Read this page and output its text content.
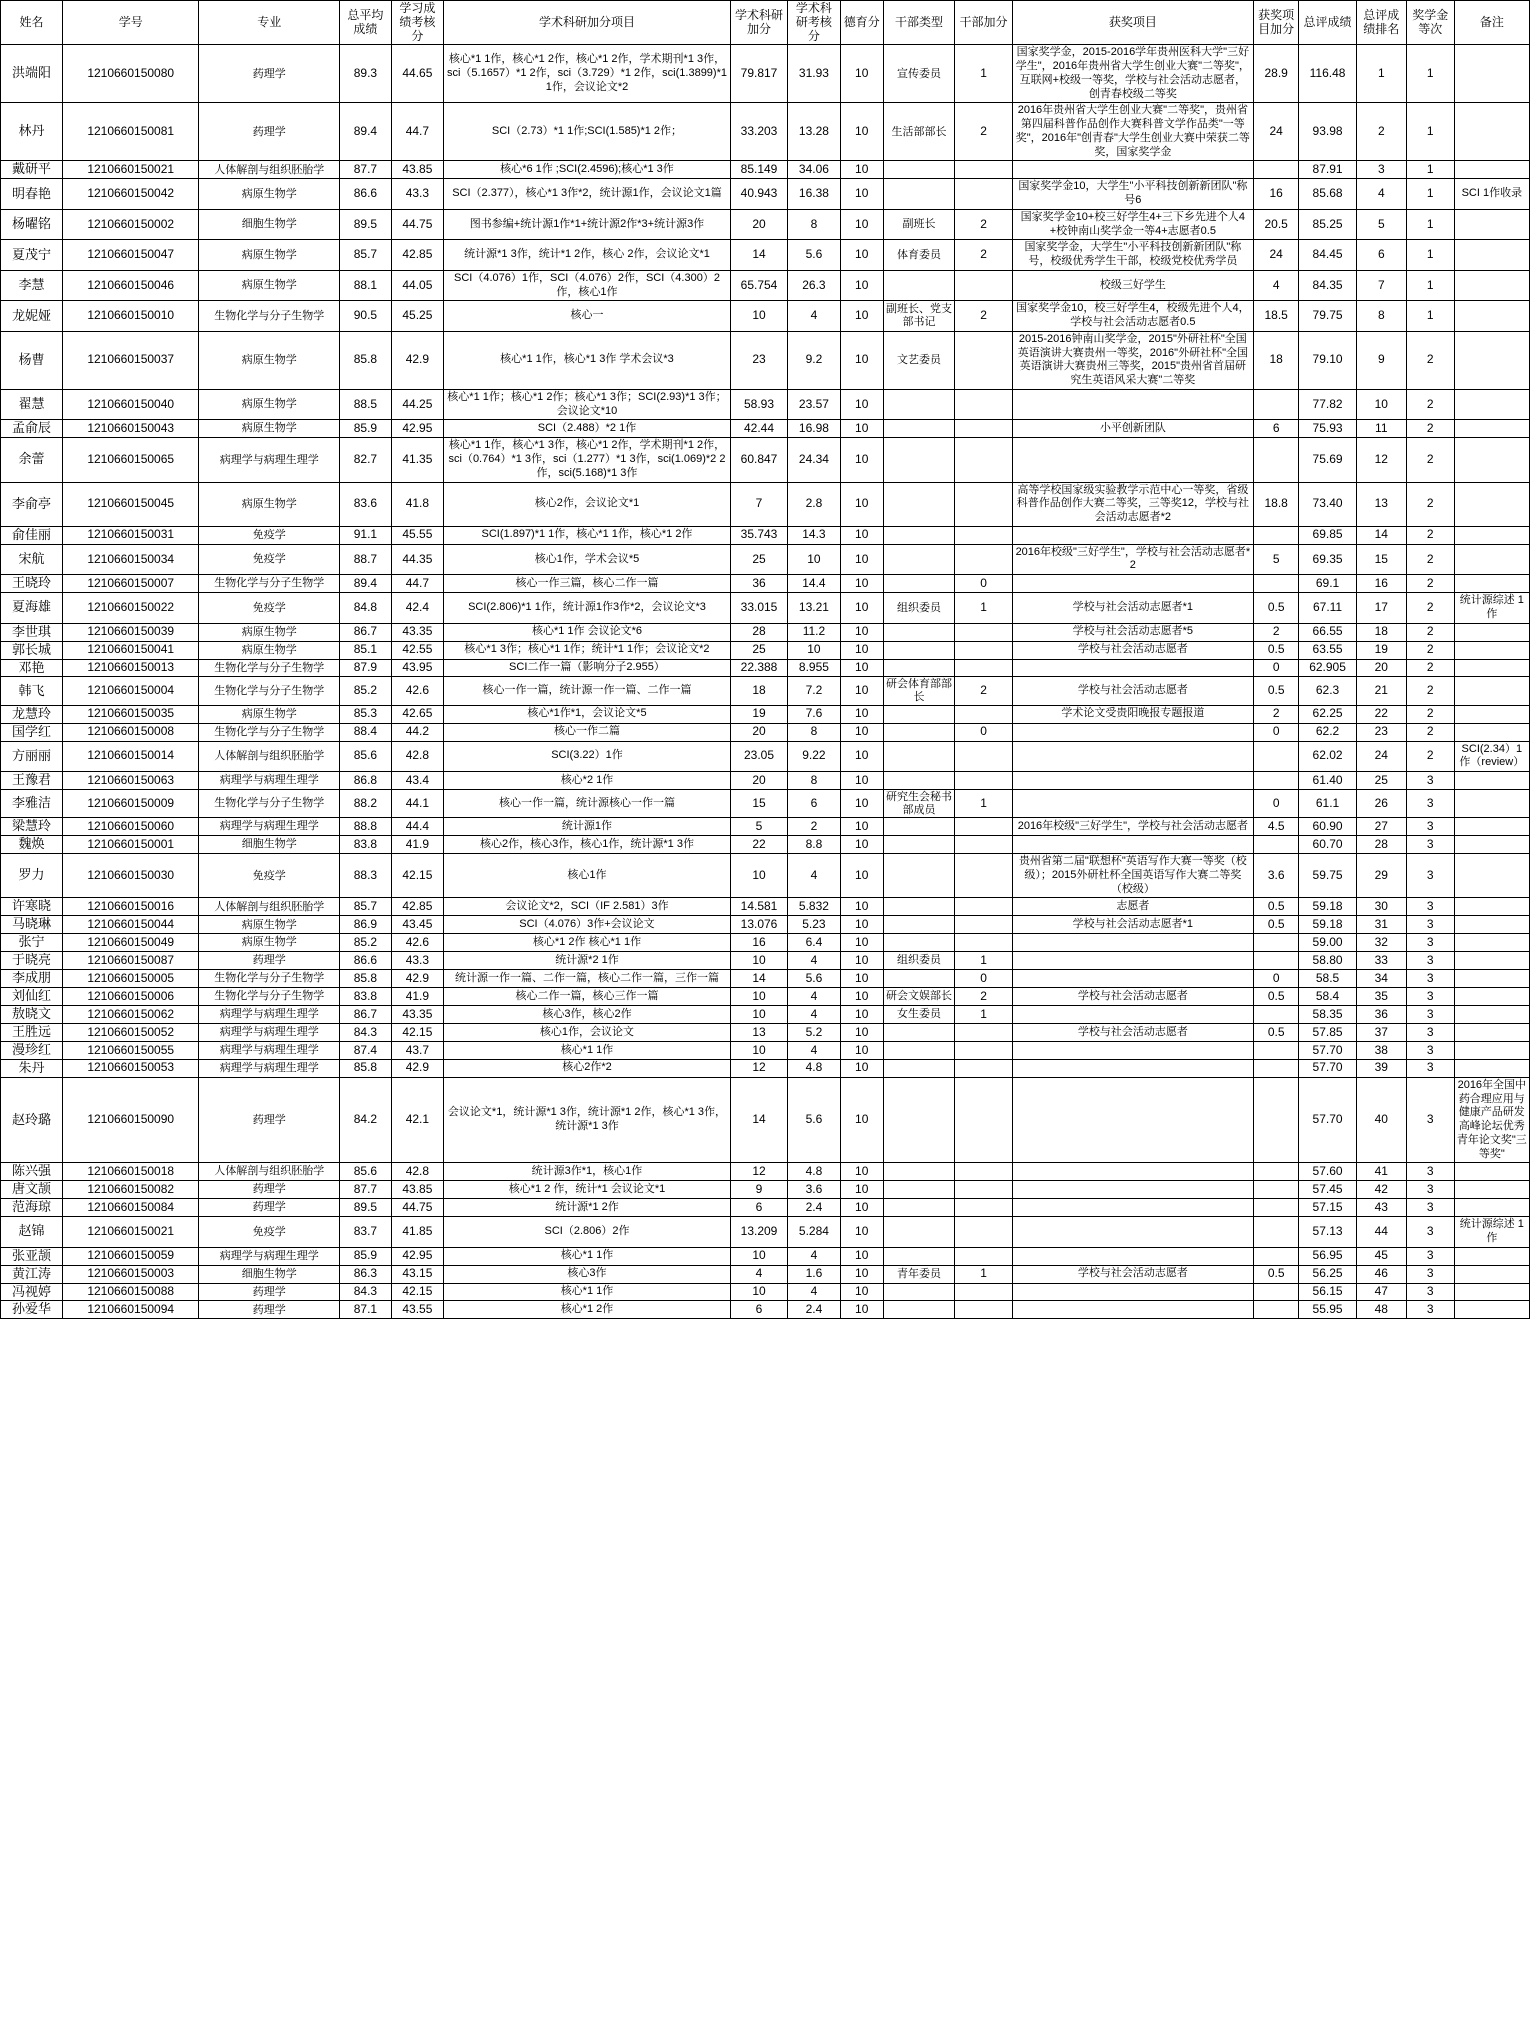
姓名	学号	专业	总平均成绩	学习成绩考核分	学术科研加分项目	学术科研加分	学术科研考核分	德育分	干部类型	干部加分	获奖项目	获奖项目加分	总评成绩	总评成绩排名	奖学金等次	备注
洪端阳	1210660150080	药理学	89.3	44.65	核心*1 1作，核心*1 2作，核心*1 2作，学术期刊*1 3作，sci（5.1657）*1 2作，sci（3.729）*1 2作，sci(1.3899)*1 1作，会议论文*2	79.817	31.93	10	宣传委员	1	国家奖学金，2015-2016学年贵州医科大学"三好学生"，2016年贵州省大学生创业大赛"二等奖"，互联网+校级一等奖，学校与社会活动志愿者，创青春校级二等奖	28.9	116.48	1	1	
林丹	1210660150081	药理学	89.4	44.7	SCI（2.73）*1 1作;SCI(1.585)*1 2作；	33.203	13.28	10	生活部部长	2	2016年贵州省大学生创业大赛"二等奖"，贵州省第四届科普作品创作大赛科普文学作品类"一等奖"，2016年"创青春"大学生创业大赛中荣获二等奖，国家奖学金	24	93.98	2	1	
戴研平	1210660150021	人体解剖与组织胚胎学	87.7	43.85	核心*6 1作 ;SCI(2.4596);核心*1 3作	85.149	34.06	10					87.91	3	1	
明春艳	1210660150042	病原生物学	86.6	43.3	SCI（2.377），核心*1 3作*2，统计源1作，会议论文1篇	40.943	16.38	10			国家奖学金10，大学生"小平科技创新新团队"称号6	16	85.68	4	1	SCI 1作收录
杨曜铭	1210660150002	细胞生物学	89.5	44.75	图书参编+统计源1作*1+统计源2作*3+统计源3作	20	8	10	副班长	2	国家奖学金10+校三好学生4+三下乡先进个人4+校钟南山奖学金一等4+志愿者0.5	20.5	85.25	5	1	
夏茂宁	1210660150047	病原生物学	85.7	42.85	统计源*1 3作，统计*1 2作，核心 2作，会议论文*1	14	5.6	10	体育委员	2	国家奖学金，大学生"小平科技创新新团队"称号，校级优秀学生干部，校级党校优秀学员	24	84.45	6	1	
李慧	1210660150046	病原生物学	88.1	44.05	SCI（4.076）1作，SCI（4.076）2作，SCI（4.300）2作，核心1作	65.754	26.3	10			校级三好学生	4	84.35	7	1	
龙妮娅	1210660150010	生物化学与分子生物学	90.5	45.25	核心一	10	4	10	副班长、党支部书记	2	国家奖学金10，校三好学生4，校级先进个人4，学校与社会活动志愿者0.5	18.5	79.75	8	1	
杨曹	1210660150037	病原生物学	85.8	42.9	核心*1 1作，核心*1 3作 学术会议*3	23	9.2	10	文艺委员		2015-2016钟南山奖学金，2015"外研社杯"全国英语演讲大赛贵州一等奖，2016"外研社杯"全国英语演讲大赛贵州三等奖，2015"贵州省首届研究生英语风采大赛"二等奖	18	79.10	9	2	
翟慧	1210660150040	病原生物学	88.5	44.25	核心*1 1作；核心*1 2作；核心*1 3作；SCI(2.93)*1 3作；会议论文*10	58.93	23.57	10					77.82	10	2	
孟俞辰	1210660150043	病原生物学	85.9	42.95	SCI（2.488）*2 1作	42.44	16.98	10			小平创新团队	6	75.93	11	2	
余蕾	1210660150065	病理学与病理生理学	82.7	41.35	核心*1 1作，核心*1 3作，核心*1 2作，学术期刊*1 2作，sci（0.764）*1 3作，sci（1.277）*1 3作，sci(1.069)*2 2作，sci(5.168)*1 3作	60.847	24.34	10					75.69	12	2	
李俞亭	1210660150045	病原生物学	83.6	41.8	核心2作，会议论文*1	7	2.8	10			高等学校国家级实验教学示范中心一等奖，省级科普作品创作大赛二等奖，三等奖12，学校与社会活动志愿者*2	18.8	73.40	13	2	
俞佳丽	1210660150031	免疫学	91.1	45.55	SCI(1.897)*1 1作，核心*1 1作，核心*1 2作	35.743	14.3	10					69.85	14	2	
宋航	1210660150034	免疫学	88.7	44.35	核心1作，学术会议*5	25	10	10			2016年校级"三好学生"，学校与社会活动志愿者*2	5	69.35	15	2	
王晓玲	1210660150007	生物化学与分子生物学	89.4	44.7	核心一作三篇，核心二作一篇	36	14.4	10		0			69.1	16	2	
夏海雄	1210660150022	免疫学	84.8	42.4	SCI(2.806)*1 1作，统计源1作3作*2，会议论文*3	33.015	13.21	10	组织委员	1	学校与社会活动志愿者*1	0.5	67.11	17	2	统计源综述 1作
李世琪	1210660150039	病原生物学	86.7	43.35	核心*1 1作 会议论文*6	28	11.2	10			学校与社会活动志愿者*5	2	66.55	18	2	
郭长城	1210660150041	病原生物学	85.1	42.55	核心*1 3作；核心*1 1作；统计*1 1作；会议论文*2	25	10	10			学校与社会活动志愿者	0.5	63.55	19	2	
邓艳	1210660150013	生物化学与分子生物学	87.9	43.95	SCI二作一篇（影响分子2.955）	22.388	8.955	10				0	62.905	20	2	
韩飞	1210660150004	生物化学与分子生物学	85.2	42.6	核心一作一篇，统计源一作一篇、二作一篇	18	7.2	10	研会体育部部长	2	学校与社会活动志愿者	0.5	62.3	21	2	
龙慧玲	1210660150035	病原生物学	85.3	42.65	核心*1作*1，会议论文*5	19	7.6	10			学术论文受贵阳晚报专题报道	2	62.25	22	2	
国学红	1210660150008	生物化学与分子生物学	88.4	44.2	核心一作二篇	20	8	10		0		0	62.2	23	2	
方丽丽	1210660150014	人体解剖与组织胚胎学	85.6	42.8	SCI(3.22）1作	23.05	9.22	10					62.02	24	2	SCI(2.34）1作（review）
王豫君	1210660150063	病理学与病理生理学	86.8	43.4	核心*2 1作	20	8	10					61.40	25	3	
李雅洁	1210660150009	生物化学与分子生物学	88.2	44.1	核心一作一篇，统计源核心一作一篇	15	6	10	研究生会秘书部成员	1		0	61.1	26	3	
梁慧玲	1210660150060	病理学与病理生理学	88.8	44.4	统计源1作	5	2	10			2016年校级"三好学生"，学校与社会活动志愿者	4.5	60.90	27	3	
魏焕	1210660150001	细胞生物学	83.8	41.9	核心2作，核心3作，核心1作，统计源*1 3作	22	8.8	10					60.70	28	3	
罗力	1210660150030	免疫学	88.3	42.15	核心1作	10	4	10			贵州省第二届"联想杯"英语写作大赛一等奖（校级）；2015外研杜杯全国英语写作大赛二等奖（校级）	3.6	59.75	29	3	
许寒晓	1210660150016	人体解剖与组织胚胎学	85.7	42.85	会议论文*2，SCI（IF 2.581）3作	14.581	5.832	10			志愿者	0.5	59.18	30	3	
马晓琳	1210660150044	病原生物学	86.9	43.45	SCI（4.076）3作+会议论文	13.076	5.23	10			学校与社会活动志愿者*1	0.5	59.18	31	3	
张宁	1210660150049	病原生物学	85.2	42.6	核心*1 2作 核心*1 1作	16	6.4	10					59.00	32	3	
于晓亮	1210660150087	药理学	86.6	43.3	统计源*2 1作	10	4	10	组织委员	1			58.80	33	3	
李成朋	1210660150005	生物化学与分子生物学	85.8	42.9	统计源一作一篇、二作一篇，核心二作一篇，三作一篇	14	5.6	10		0		0	58.5	34	3	
刘仙红	1210660150006	生物化学与分子生物学	83.8	41.9	核心二作一篇，核心三作一篇	10	4	10	研会文娱部长	2	学校与社会活动志愿者	0.5	58.4	35	3	
敖晓文	1210660150062	病理学与病理生理学	86.7	43.35	核心3作，核心2作	10	4	10	女生委员	1			58.35	36	3	
王胜远	1210660150052	病理学与病理生理学	84.3	42.15	核心1作，会议论文	13	5.2	10			学校与社会活动志愿者	0.5	57.85	37	3	
漫珍红	1210660150055	病理学与病理生理学	87.4	43.7	核心*1 1作	10	4	10					57.70	38	3	
朱丹	1210660150053	病理学与病理生理学	85.8	42.9	核心2作*2	12	4.8	10					57.70	39	3	
赵玲璐	1210660150090	药理学	84.2	42.1	会议论文*1，统计源*1 3作，统计源*1 2作，核心*1 3作，统计源*1 3作	14	5.6	10					57.70	40	3	2016年全国中药合理应用与健康产品研发高峰论坛优秀青年论文奖"三等奖"
陈兴强	1210660150018	人体解剖与组织胚胎学	85.6	42.8	统计源3作*1，核心1作	12	4.8	10					57.60	41	3	
唐文颉	1210660150082	药理学	87.7	43.85	核心*1 2 作，统计*1 会议论文*1	9	3.6	10					57.45	42	3	
范海琼	1210660150084	药理学	89.5	44.75	统计源*1 2作	6	2.4	10					57.15	43	3	
赵锦	1210660150021	免疫学	83.7	41.85	SCI（2.806）2作	13.209	5.284	10					57.13	44	3	统计源综述 1作
张亚颉	1210660150059	病理学与病理生理学	85.9	42.95	核心*1 1作	10	4	10					56.95	45	3	
黄江涛	1210660150003	细胞生物学	86.3	43.15	核心3作	4	1.6	10	青年委员	1	学校与社会活动志愿者	0.5	56.25	46	3	
冯视婷	1210660150088	药理学	84.3	42.15	核心*1 1作	10	4	10					56.15	47	3	
孙爱华	1210660150094	药理学	87.1	43.55	核心*1 2作	6	2.4	10					55.95	48	3	
